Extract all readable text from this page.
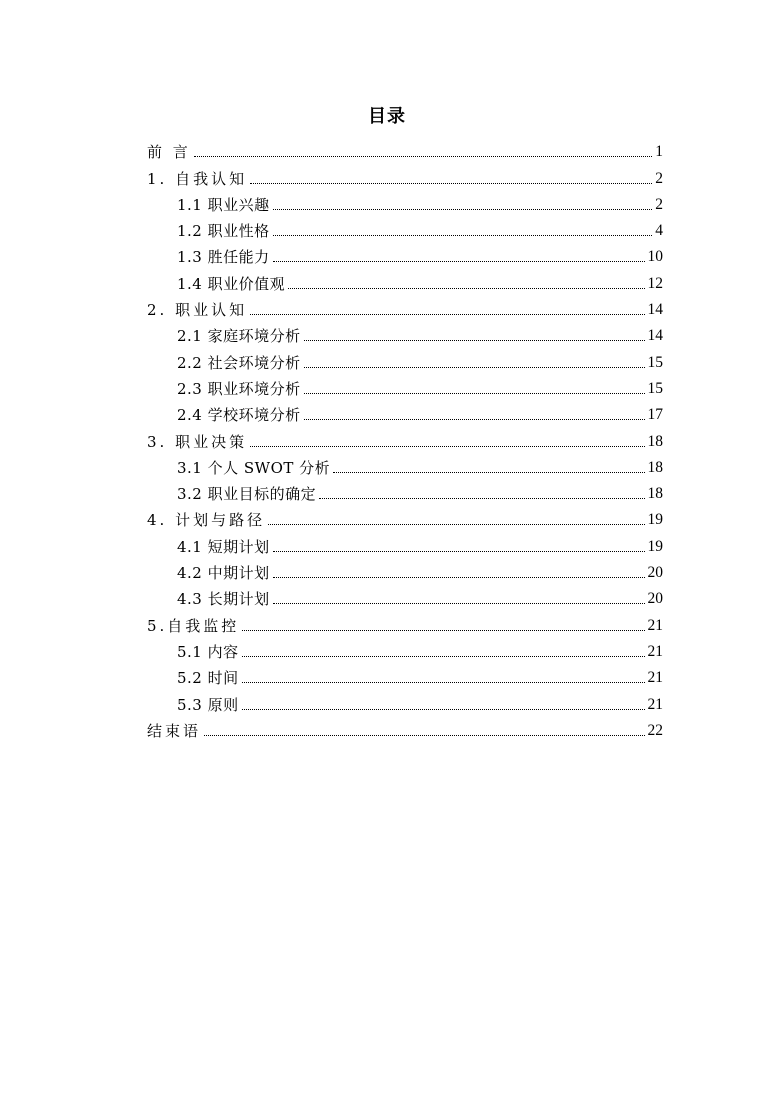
目录
前 言	1
1. 自我认知	2
1.1 职业兴趣	2
1.2 职业性格	4
1.3 胜任能力	10
1.4 职业价值观	12
2. 职业认知	14
2.1 家庭环境分析	14
2.2 社会环境分析	15
2.3 职业环境分析	15
2.4 学校环境分析	17
3. 职业决策	18
3.1 个人 SWOT 分析	18
3.2 职业目标的确定	18
4. 计划与路径	19
4.1 短期计划	19
4.2 中期计划	20
4.3 长期计划	20
5.自我监控	21
5.1 内容	21
5.2 时间	21
5.3 原则	21
结束语	22
